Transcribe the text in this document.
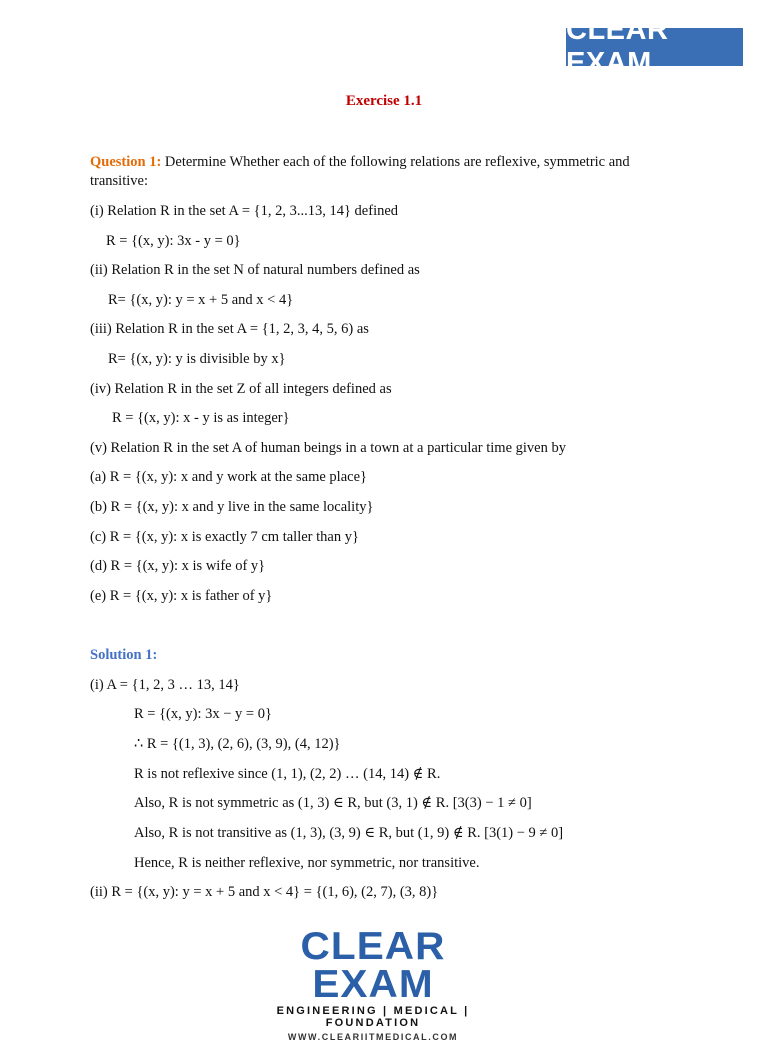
CLEAR EXAM
Exercise 1.1
Question 1: Determine Whether each of the following relations are reflexive, symmetric and
transitive:
(i) Relation R in the set A = {1, 2, 3...13, 14} defined
R = {(x, y): 3x - y = 0}
(ii) Relation R in the set N of natural numbers defined as
R= {(x, y): y = x + 5 and x < 4}
(iii) Relation R in the set A = {1, 2, 3, 4, 5, 6) as
R= {(x, y): y is divisible by x}
(iv) Relation R in the set Z of all integers defined as
R = {(x, y): x - y is as integer}
(v) Relation R in the set A of human beings in a town at a particular time given by
(a) R = {(x, y): x and y work at the same place}
(b) R = {(x, y): x and y live in the same locality}
(c) R = {(x, y): x is exactly 7 cm taller than y}
(d) R = {(x, y): x is wife of y}
(e) R = {(x, y): x is father of y}
Solution 1:
(i) A = {1, 2, 3 … 13, 14}
R = {(x, y): 3x − y = 0}
∴ R = {(1, 3), (2, 6), (3, 9), (4, 12)}
R is not reflexive since (1, 1), (2, 2) … (14, 14) ∉ R.
Also, R is not symmetric as (1, 3) ∈ R, but (3, 1) ∉ R. [3(3) − 1 ≠ 0]
Also, R is not transitive as (1, 3), (3, 9) ∈ R, but (1, 9) ∉ R. [3(1) − 9 ≠ 0]
Hence, R is neither reflexive, nor symmetric, nor transitive.
(ii) R = {(x, y): y = x + 5 and x < 4} = {(1, 6), (2, 7), (3, 8)}
CLEAR EXAM
ENGINEERING | MEDICAL | FOUNDATION
WWW.CLEARIITMEDICAL.COM
